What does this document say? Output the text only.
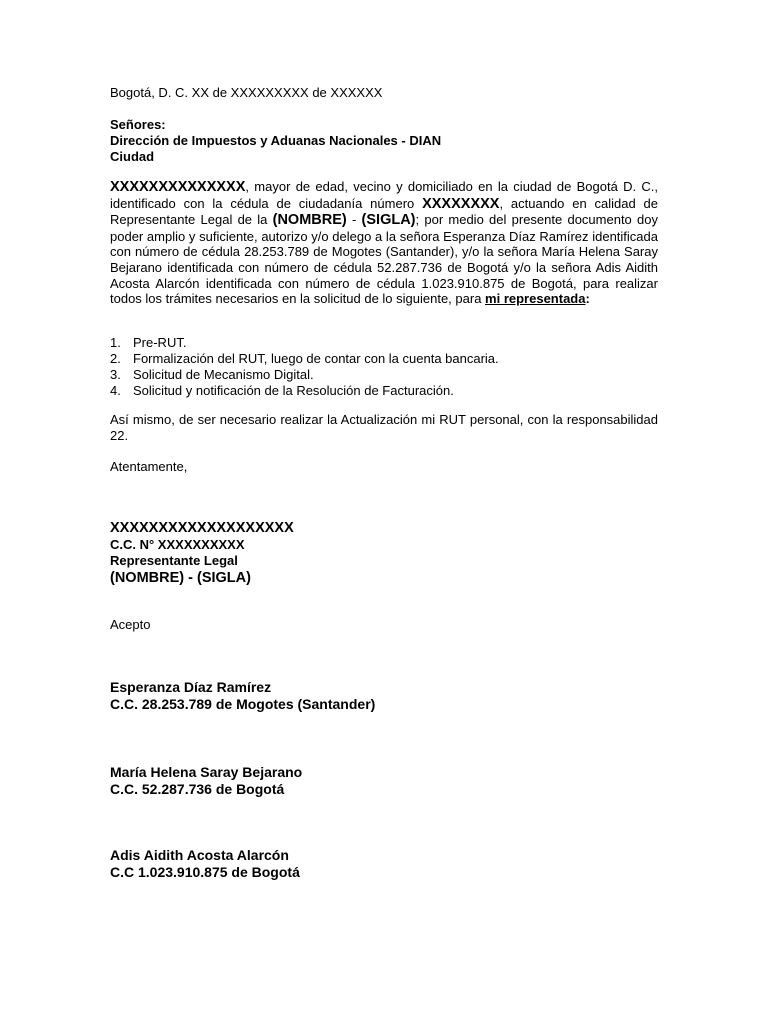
Bogotá, D. C. XX de XXXXXXXXX de XXXXXX
Señores:
Dirección de Impuestos y Aduanas Nacionales - DIAN
Ciudad
XXXXXXXXXXXXXX, mayor de edad, vecino y domiciliado en la ciudad de Bogotá D. C., identificado con la cédula de ciudadanía número XXXXXXXX, actuando en calidad de Representante Legal de la (NOMBRE) - (SIGLA); por medio del presente documento doy poder amplio y suficiente, autorizo y/o delego a la señora Esperanza Díaz Ramírez identificada con número de cédula 28.253.789 de Mogotes (Santander), y/o la señora María Helena Saray Bejarano identificada con número de cédula 52.287.736 de Bogotá y/o la señora Adis Aidith Acosta Alarcón identificada con número de cédula 1.023.910.875 de Bogotá, para realizar todos los trámites necesarios en la solicitud de lo siguiente, para mi representada:
1. Pre-RUT.
2. Formalización del RUT, luego de contar con la cuenta bancaria.
3. Solicitud de Mecanismo Digital.
4. Solicitud y notificación de la Resolución de Facturación.
Así mismo, de ser necesario realizar la Actualización mi RUT personal, con la responsabilidad 22.
Atentamente,
XXXXXXXXXXXXXXXXXXX
C.C. N° XXXXXXXXXX
Representante Legal
(NOMBRE) - (SIGLA)
Acepto
Esperanza Díaz Ramírez
C.C. 28.253.789 de Mogotes (Santander)
María Helena Saray Bejarano
C.C. 52.287.736 de Bogotá
Adis Aidith Acosta Alarcón
C.C 1.023.910.875 de Bogotá
